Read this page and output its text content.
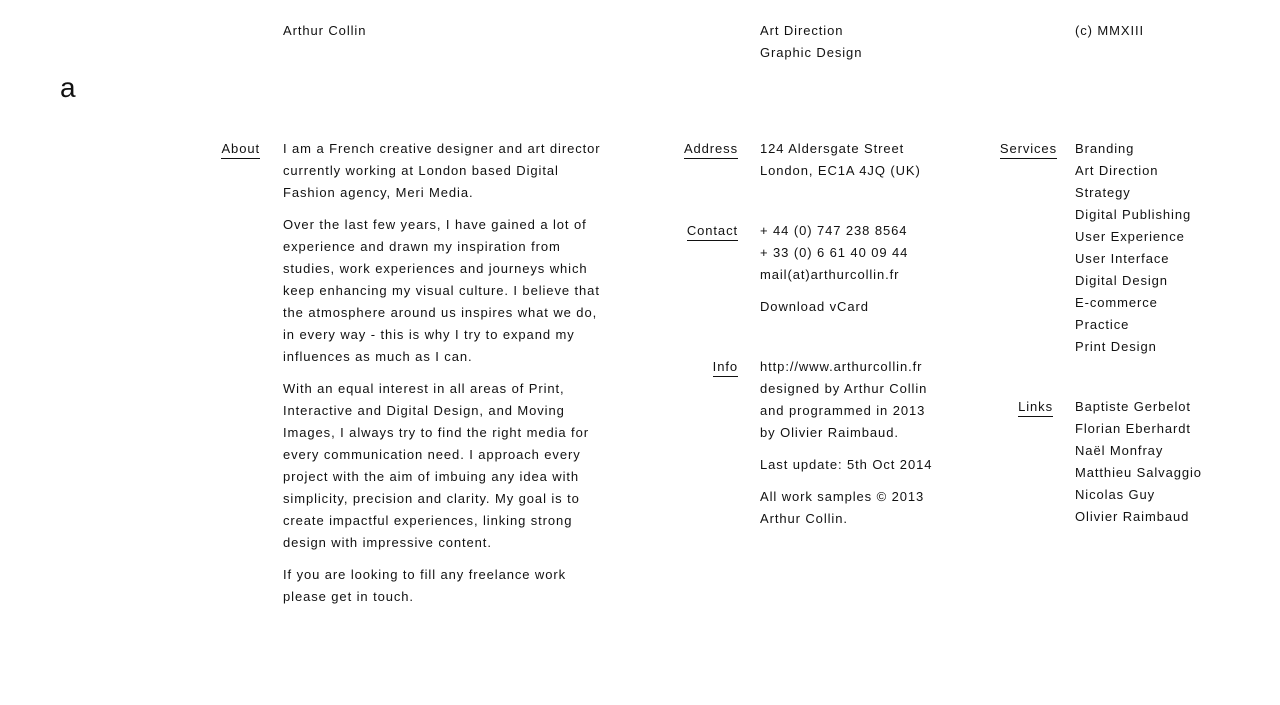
Arthur Collin	Art Direction
Graphic Design
(c) MMXIII
a
About I am a French creative designer and art director
currently working at London based Digital
Fashion agency, Meri Media.
Over the last few years, I have gained a lot of
experience and drawn my inspiration from
studies, work experiences and journeys which
keep enhancing my visual culture. I believe that
the atmosphere around us inspires what we do,
in every way - this is why I try to expand my
influences as much as I can.
With an equal interest in all areas of Print,
Interactive and Digital Design, and Moving
Images, I always try to find the right media for
every communication need. I approach every
project with the aim of imbuing any idea with
simplicity, precision and clarity. My goal is to
create impactful experiences, linking strong
design with impressive content.
If you are looking to fill any freelance work
please get in touch.
Address 124 Aldersgate Street
London, EC1A 4JQ (UK)
Contact + 44 (0) 747 238 8564
+ 33 (0) 6 61 40 09 44
mail(at)arthurcollin.fr
Download vCard
Info http://www.arthurcollin.fr
designed by Arthur Collin
and programmed in 2013
by Olivier Raimbaud.
Last update: 5th Oct 2014
All work samples © 2013
Arthur Collin.
Services Branding
Art Direction
Strategy
Digital Publishing
User Experience
User Interface
Digital Design
E-commerce
Practice
Print Design
Links Baptiste Gerbelot
Florian Eberhardt
Naël Monfray
Matthieu Salvaggio
Nicolas Guy
Olivier Raimbaud
